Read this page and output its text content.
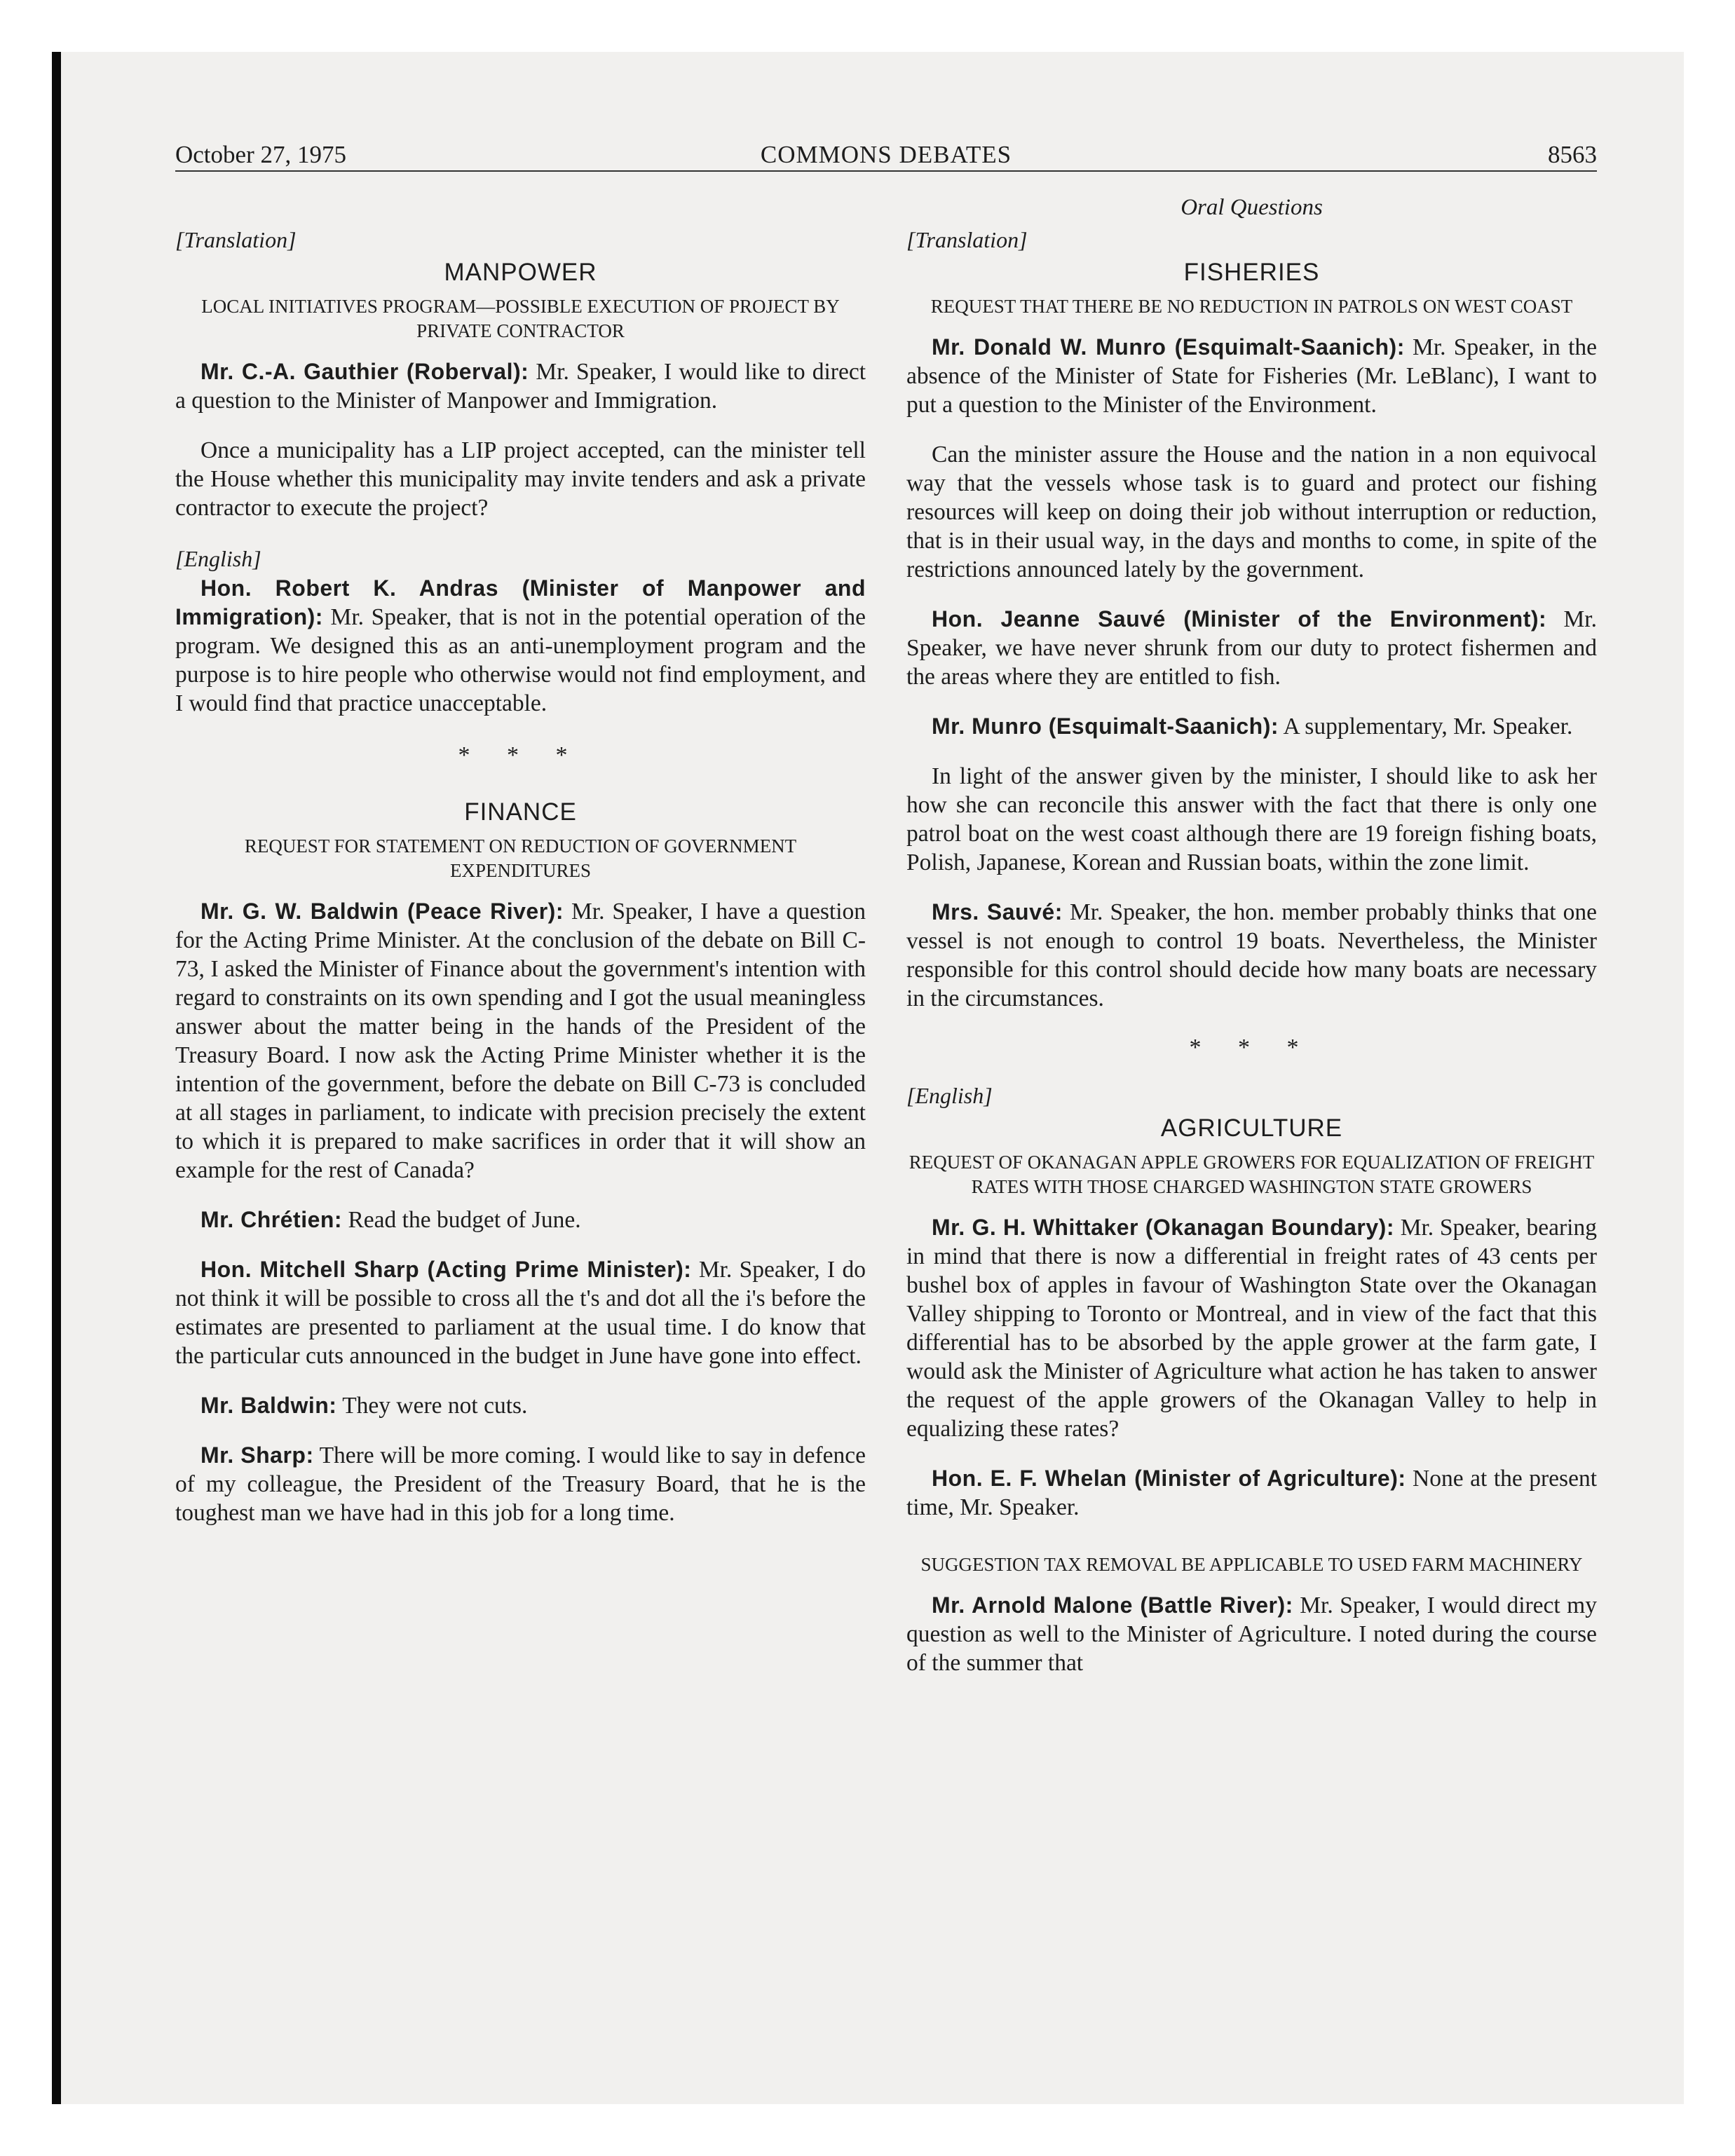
October 27, 1975	COMMONS DEBATES	8563

[Translation]

MANPOWER
LOCAL INITIATIVES PROGRAM—POSSIBLE EXECUTION OF PROJECT BY PRIVATE CONTRACTOR

Mr. C.-A. Gauthier (Roberval): Mr. Speaker, I would like to direct a question to the Minister of Manpower and Immigration.

Once a municipality has a LIP project accepted, can the minister tell the House whether this municipality may invite tenders and ask a private contractor to execute the project?

[English]

Hon. Robert K. Andras (Minister of Manpower and Immigration): Mr. Speaker, that is not in the potential operation of the program. We designed this as an anti-unemployment program and the purpose is to hire people who otherwise would not find employment, and I would find that practice unacceptable.

* * *
FINANCE
REQUEST FOR STATEMENT ON REDUCTION OF GOVERNMENT EXPENDITURES

Mr. G. W. Baldwin (Peace River): Mr. Speaker, I have a question for the Acting Prime Minister. At the conclusion of the debate on Bill C-73, I asked the Minister of Finance about the government's intention with regard to constraints on its own spending and I got the usual meaningless answer about the matter being in the hands of the President of the Treasury Board. I now ask the Acting Prime Minister whether it is the intention of the government, before the debate on Bill C-73 is concluded at all stages in parliament, to indicate with precision precisely the extent to which it is prepared to make sacrifices in order that it will show an example for the rest of Canada?

Mr. Chrétien: Read the budget of June.

Hon. Mitchell Sharp (Acting Prime Minister): Mr. Speaker, I do not think it will be possible to cross all the t's and dot all the i's before the estimates are presented to parliament at the usual time. I do know that the particular cuts announced in the budget in June have gone into effect.

Mr. Baldwin: They were not cuts.

Mr. Sharp: There will be more coming. I would like to say in defence of my colleague, the President of the Treasury Board, that he is the toughest man we have had in this job for a long time.

Oral Questions

[Translation]

FISHERIES
REQUEST THAT THERE BE NO REDUCTION IN PATROLS ON WEST COAST

Mr. Donald W. Munro (Esquimalt-Saanich): Mr. Speaker, in the absence of the Minister of State for Fisheries (Mr. LeBlanc), I want to put a question to the Minister of the Environment.

Can the minister assure the House and the nation in a non equivocal way that the vessels whose task is to guard and protect our fishing resources will keep on doing their job without interruption or reduction, that is in their usual way, in the days and months to come, in spite of the restrictions announced lately by the government.

Hon. Jeanne Sauvé (Minister of the Environment): Mr. Speaker, we have never shrunk from our duty to protect fishermen and the areas where they are entitled to fish.

Mr. Munro (Esquimalt-Saanich): A supplementary, Mr. Speaker.

In light of the answer given by the minister, I should like to ask her how she can reconcile this answer with the fact that there is only one patrol boat on the west coast although there are 19 foreign fishing boats, Polish, Japanese, Korean and Russian boats, within the zone limit.

Mrs. Sauvé: Mr. Speaker, the hon. member probably thinks that one vessel is not enough to control 19 boats. Nevertheless, the Minister responsible for this control should decide how many boats are necessary in the circumstances.

* * *

[English]

AGRICULTURE
REQUEST OF OKANAGAN APPLE GROWERS FOR EQUALIZATION OF FREIGHT RATES WITH THOSE CHARGED WASHINGTON STATE GROWERS

Mr. G. H. Whittaker (Okanagan Boundary): Mr. Speaker, bearing in mind that there is now a differential in freight rates of 43 cents per bushel box of apples in favour of Washington State over the Okanagan Valley shipping to Toronto or Montreal, and in view of the fact that this differential has to be absorbed by the apple grower at the farm gate, I would ask the Minister of Agriculture what action he has taken to answer the request of the apple growers of the Okanagan Valley to help in equalizing these rates?

Hon. E. F. Whelan (Minister of Agriculture): None at the present time, Mr. Speaker.

SUGGESTION TAX REMOVAL BE APPLICABLE TO USED FARM MACHINERY

Mr. Arnold Malone (Battle River): Mr. Speaker, I would direct my question as well to the Minister of Agriculture. I noted during the course of the summer that
